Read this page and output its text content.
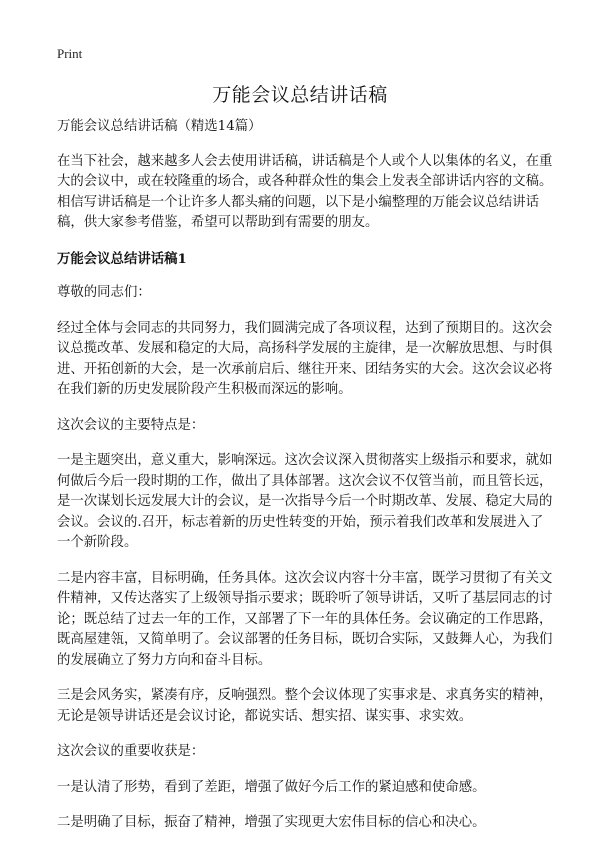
Print
万能会议总结讲话稿

万能会议总结讲话稿（精选14篇）

在当下社会，越来越多人会去使用讲话稿，讲话稿是个人或个人以集体的名义，在重大的会议中，或在较隆重的场合，或各种群众性的集会上发表全部讲话内容的文稿。相信写讲话稿是一个让许多人都头痛的问题，以下是小编整理的万能会议总结讲话稿，供大家参考借鉴，希望可以帮助到有需要的朋友。

万能会议总结讲话稿1

尊敬的同志们：

经过全体与会同志的共同努力，我们圆满完成了各项议程，达到了预期目的。这次会议总揽改革、发展和稳定的大局，高扬科学发展的主旋律，是一次解放思想、与时俱进、开拓创新的大会，是一次承前启后、继往开来、团结务实的大会。这次会议必将在我们新的历史发展阶段产生积极而深远的影响。

这次会议的主要特点是：

一是主题突出，意义重大，影响深远。这次会议深入贯彻落实上级指示和要求，就如何做后今后一段时期的工作，做出了具体部署。这次会议不仅管当前，而且管长远，是一次谋划长远发展大计的会议，是一次指导今后一个时期改革、发展、稳定大局的会议。会议的.召开，标志着新的历史性转变的开始，预示着我们改革和发展进入了一个新阶段。

二是内容丰富，目标明确，任务具体。这次会议内容十分丰富，既学习贯彻了有关文件精神，又传达落实了上级领导指示要求；既聆听了领导讲话，又听了基层同志的讨论；既总结了过去一年的工作，又部署了下一年的具体任务。会议确定的工作思路，既高屋建瓴，又简单明了。会议部署的任务目标，既切合实际，又鼓舞人心，为我们的发展确立了努力方向和奋斗目标。

三是会风务实，紧凑有序，反响强烈。整个会议体现了实事求是、求真务实的精神，无论是领导讲话还是会议讨论，都说实话、想实招、谋实事、求实效。

这次会议的重要收获是：

一是认清了形势，看到了差距，增强了做好今后工作的紧迫感和使命感。

二是明确了目标，振奋了精神，增强了实现更大宏伟目标的信心和决心。
